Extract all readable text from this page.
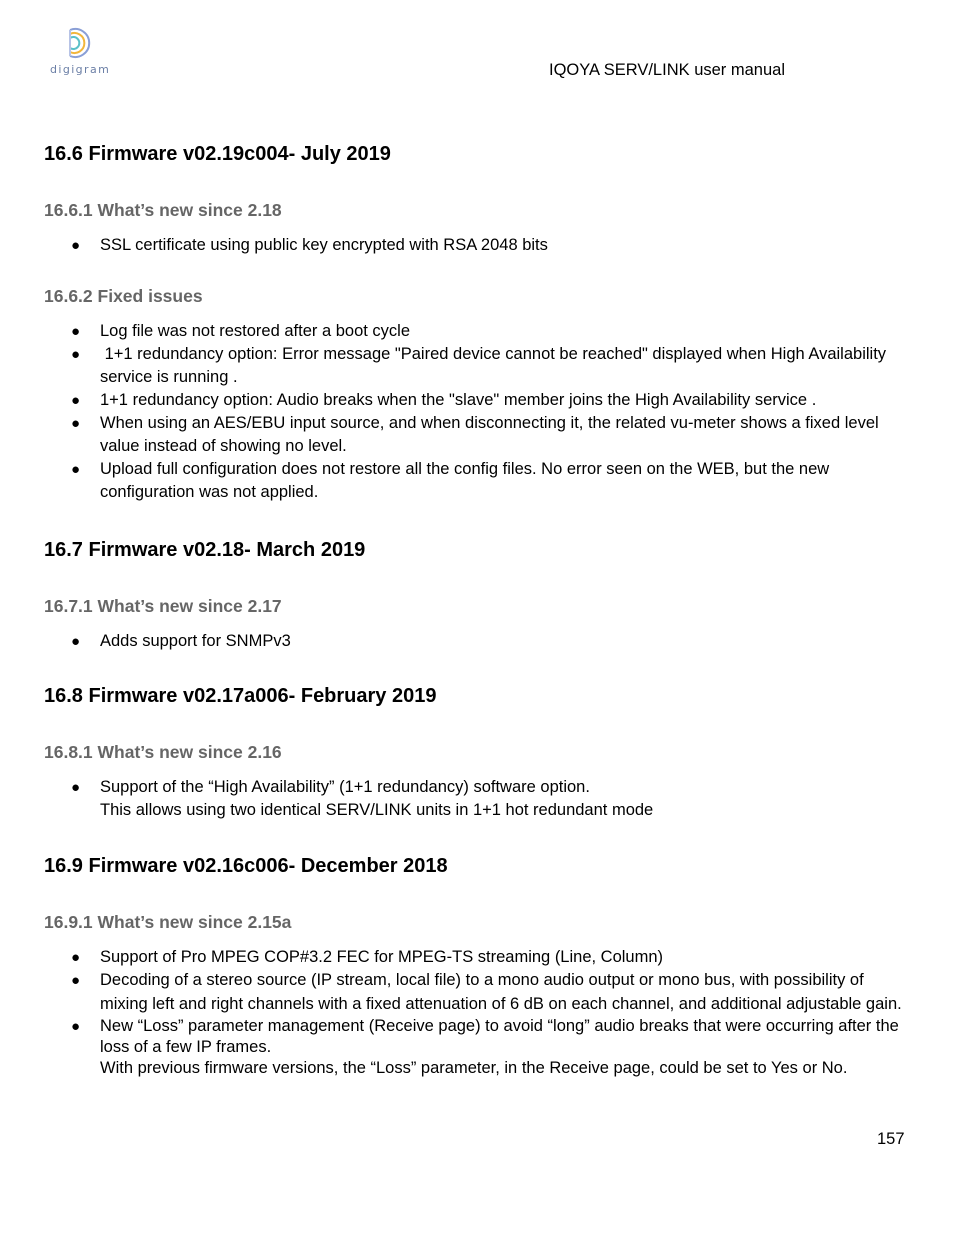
digigram	IQOYA SERV/LINK user manual
16.6 Firmware v02.19c004- July 2019
16.6.1 What’s new since 2.18
● SSL certificate using public key encrypted with RSA 2048 bits
16.6.2 Fixed issues
● Log file was not restored after a boot cycle
● 1+1 redundancy option: Error message "Paired device cannot be reached" displayed when High Availability service is running .
● 1+1 redundancy option: Audio breaks when the "slave" member joins the High Availability service .
● When using an AES/EBU input source, and when disconnecting it, the related vu-meter shows a fixed level value instead of showing no level.
● Upload full configuration does not restore all the config files. No error seen on the WEB, but the new configuration was not applied.
16.7 Firmware v02.18- March 2019
16.7.1 What’s new since 2.17
● Adds support for SNMPv3
16.8 Firmware v02.17a006- February 2019
16.8.1 What’s new since 2.16
● Support of the “High Availability” (1+1 redundancy) software option.
This allows using two identical SERV/LINK units in 1+1 hot redundant mode
16.9 Firmware v02.16c006- December 2018
16.9.1 What’s new since 2.15a
● Support of Pro MPEG COP#3.2 FEC for MPEG-TS streaming (Line, Column)
● Decoding of a stereo source (IP stream, local file) to a mono audio output or mono bus, with possibility of mixing left and right channels with a fixed attenuation of 6 dB on each channel, and additional adjustable gain.
● New “Loss” parameter management (Receive page) to avoid “long” audio breaks that were occurring after the loss of a few IP frames.
With previous firmware versions, the “Loss” parameter, in the Receive page, could be set to Yes or No.
157
